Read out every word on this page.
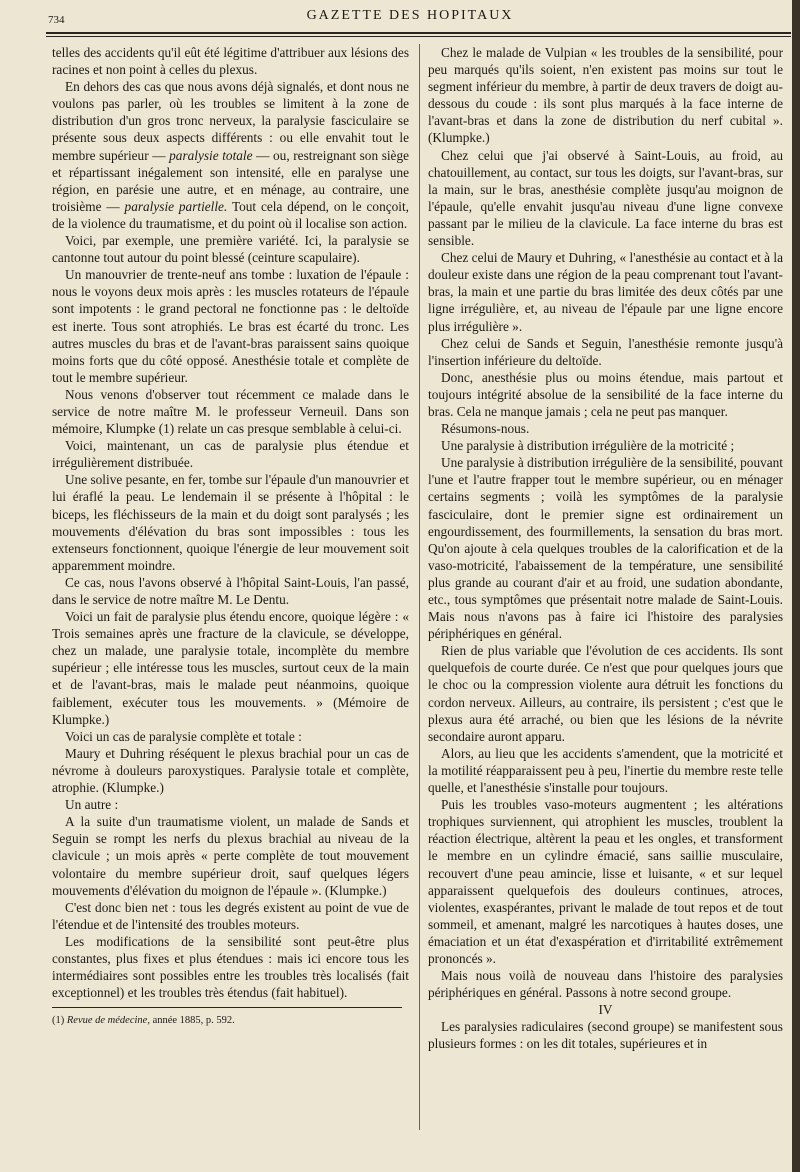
734	GAZETTE DES HOPITAUX

telles des accidents qu'il eût été légitime d'attribuer aux lésions des racines et non point à celles du plexus.

En dehors des cas que nous avons déjà signalés, et dont nous ne voulons pas parler, où les troubles se limitent à la zone de distribution d'un gros tronc nerveux, la paralysie fasciculaire se présente sous deux aspects différents : ou elle envahit tout le membre supérieur — paralysie totale — ou, restreignant son siège et répartissant inégalement son intensité, elle en paralyse une région, en parésie une autre, et en ménage, au contraire, une troisième — paralysie partielle. Tout cela dépend, on le conçoit, de la violence du traumatisme, et du point où il localise son action.

Voici, par exemple, une première variété. Ici, la paralysie se cantonne tout autour du point blessé (ceinture scapulaire).

Un manouvrier de trente-neuf ans tombe : luxation de l'épaule : nous le voyons deux mois après : les muscles rotateurs de l'épaule sont impotents : le grand pectoral ne fonctionne pas : le deltoïde est inerte. Tous sont atrophiés. Le bras est écarté du tronc. Les autres muscles du bras et de l'avant-bras paraissent sains quoique moins forts que du côté opposé. Anesthésie totale et complète de tout le membre supérieur.

Nous venons d'observer tout récemment ce malade dans le service de notre maître M. le professeur Verneuil. Dans son mémoire, Klumpke (1) relate un cas presque semblable à celui-ci.

Voici, maintenant, un cas de paralysie plus étendue et irrégulièrement distribuée.

Une solive pesante, en fer, tombe sur l'épaule d'un manouvrier et lui éraflé la peau. Le lendemain il se présente à l'hôpital : le biceps, les fléchisseurs de la main et du doigt sont paralysés ; les mouvements d'élévation du bras sont impossibles : tous les extenseurs fonctionnent, quoique l'énergie de leur mouvement soit apparemment moindre.

Ce cas, nous l'avons observé à l'hôpital Saint-Louis, l'an passé, dans le service de notre maître M. Le Dentu.

Voici un fait de paralysie plus étendu encore, quoique légère : « Trois semaines après une fracture de la clavicule, se développe, chez un malade, une paralysie totale, incomplète du membre supérieur ; elle intéresse tous les muscles, surtout ceux de la main et de l'avant-bras, mais le malade peut néanmoins, quoique faiblement, exécuter tous les mouvements. » (Mémoire de Klumpke.)

Voici un cas de paralysie complète et totale :

Maury et Duhring réséquent le plexus brachial pour un cas de névrome à douleurs paroxystiques. Paralysie totale et complète, atrophie. (Klumpke.)

Un autre :

A la suite d'un traumatisme violent, un malade de Sands et Seguin se rompt les nerfs du plexus brachial au niveau de la clavicule ; un mois après « perte complète de tout mouvement volontaire du membre supérieur droit, sauf quelques légers mouvements d'élévation du moignon de l'épaule ». (Klumpke.)

C'est donc bien net : tous les degrés existent au point de vue de l'étendue et de l'intensité des troubles moteurs.

Les modifications de la sensibilité sont peut-être plus constantes, plus fixes et plus étendues : mais ici encore tous les intermédiaires sont possibles entre les troubles très localisés (fait exceptionnel) et les troubles très étendus (fait habituel).

(1) Revue de médecine, année 1885, p. 592.

Chez le malade de Vulpian « les troubles de la sensibilité, pour peu marqués qu'ils soient, n'en existent pas moins sur tout le segment inférieur du membre, à partir de deux travers de doigt au-dessous du coude : ils sont plus marqués à la face interne de l'avant-bras et dans la zone de distribution du nerf cubital ». (Klumpke.)

Chez celui que j'ai observé à Saint-Louis, au froid, au chatouillement, au contact, sur tous les doigts, sur l'avant-bras, sur la main, sur le bras, anesthésie complète jusqu'au moignon de l'épaule, qu'elle envahit jusqu'au niveau d'une ligne convexe passant par le milieu de la clavicule. La face interne du bras est sensible.

Chez celui de Maury et Duhring, « l'anesthésie au contact et à la douleur existe dans une région de la peau comprenant tout l'avant-bras, la main et une partie du bras limitée des deux côtés par une ligne irrégulière, et, au niveau de l'épaule par une ligne encore plus irrégulière ».

Chez celui de Sands et Seguin, l'anesthésie remonte jusqu'à l'insertion inférieure du deltoïde.

Donc, anesthésie plus ou moins étendue, mais partout et toujours intégrité absolue de la sensibilité de la face interne du bras. Cela ne manque jamais ; cela ne peut pas manquer.

Résumons-nous.

Une paralysie à distribution irrégulière de la motricité ;

Une paralysie à distribution irrégulière de la sensibilité, pouvant l'une et l'autre frapper tout le membre supérieur, ou en ménager certains segments ; voilà les symptômes de la paralysie fasciculaire, dont le premier signe est ordinairement un engourdissement, des fourmillements, la sensation du bras mort. Qu'on ajoute à cela quelques troubles de la calorification et de la vaso-motricité, l'abaissement de la température, une sensibilité plus grande au courant d'air et au froid, une sudation abondante, etc., tous symptômes que présentait notre malade de Saint-Louis. Mais nous n'avons pas à faire ici l'histoire des paralysies périphériques en général.

Rien de plus variable que l'évolution de ces accidents. Ils sont quelquefois de courte durée. Ce n'est que pour quelques jours que le choc ou la compression violente aura détruit les fonctions du cordon nerveux. Ailleurs, au contraire, ils persistent ; c'est que le plexus aura été arraché, ou bien que les lésions de la névrite secondaire auront apparu.

Alors, au lieu que les accidents s'amendent, que la motricité et la motilité réapparaissent peu à peu, l'inertie du membre reste telle quelle, et l'anesthésie s'installe pour toujours.

Puis les troubles vaso-moteurs augmentent ; les altérations trophiques surviennent, qui atrophient les muscles, troublent la réaction électrique, altèrent la peau et les ongles, et transforment le membre en un cylindre émacié, sans saillie musculaire, recouvert d'une peau amincie, lisse et luisante, « et sur lequel apparaissent quelquefois des douleurs continues, atroces, violentes, exaspérantes, privant le malade de tout repos et de tout sommeil, et amenant, malgré les narcotiques à hautes doses, une émaciation et un état d'exaspération et d'irritabilité extrêmement prononcés ».

Mais nous voilà de nouveau dans l'histoire des paralysies périphériques en général. Passons à notre second groupe.

IV

Les paralysies radiculaires (second groupe) se manifestent sous plusieurs formes : on les dit totales, supérieures et in
